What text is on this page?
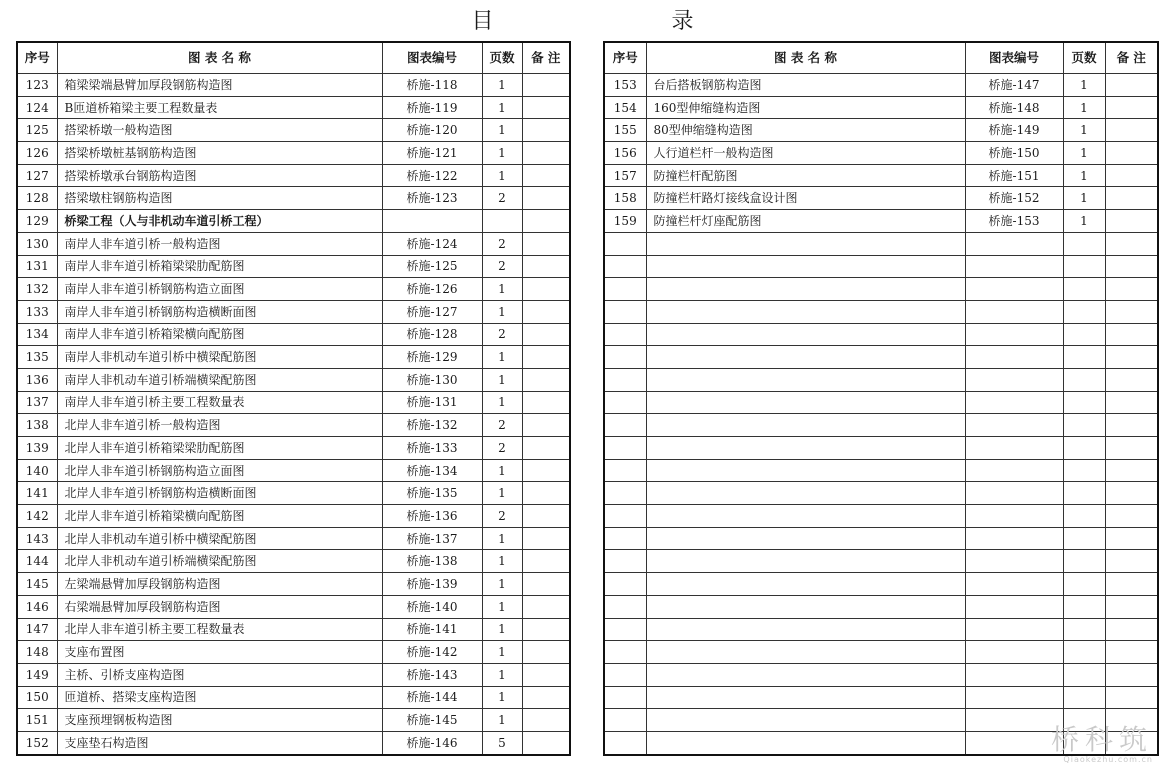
目　录
序号	图 表 名 称	图表编号	页数	备 注
123	箱梁梁端悬臂加厚段钢筋构造图	桥施-118	1	
124	B匝道桥箱梁主要工程数量表	桥施-119	1	
125	搭梁桥墩一般构造图	桥施-120	1	
126	搭梁桥墩桩基钢筋构造图	桥施-121	1	
127	搭梁桥墩承台钢筋构造图	桥施-122	1	
128	搭梁墩柱钢筋构造图	桥施-123	2	
129	桥梁工程（人与非机动车道引桥工程）			
130	南岸人非车道引桥一般构造图	桥施-124	2	
131	南岸人非车道引桥箱梁梁肋配筋图	桥施-125	2	
132	南岸人非车道引桥钢筋构造立面图	桥施-126	1	
133	南岸人非车道引桥钢筋构造横断面图	桥施-127	1	
134	南岸人非车道引桥箱梁横向配筋图	桥施-128	2	
135	南岸人非机动车道引桥中横梁配筋图	桥施-129	1	
136	南岸人非机动车道引桥端横梁配筋图	桥施-130	1	
137	南岸人非车道引桥主要工程数量表	桥施-131	1	
138	北岸人非车道引桥一般构造图	桥施-132	2	
139	北岸人非车道引桥箱梁梁肋配筋图	桥施-133	2	
140	北岸人非车道引桥钢筋构造立面图	桥施-134	1	
141	北岸人非车道引桥钢筋构造横断面图	桥施-135	1	
142	北岸人非车道引桥箱梁横向配筋图	桥施-136	2	
143	北岸人非机动车道引桥中横梁配筋图	桥施-137	1	
144	北岸人非机动车道引桥端横梁配筋图	桥施-138	1	
145	左梁端悬臂加厚段钢筋构造图	桥施-139	1	
146	右梁端悬臂加厚段钢筋构造图	桥施-140	1	
147	北岸人非车道引桥主要工程数量表	桥施-141	1	
148	支座布置图	桥施-142	1	
149	主桥、引桥支座构造图	桥施-143	1	
150	匝道桥、搭梁支座构造图	桥施-144	1	
151	支座预埋钢板构造图	桥施-145	1	
152	支座垫石构造图	桥施-146	5	
序号	图 表 名 称	图表编号	页数	备 注
153	台后搭板钢筋构造图	桥施-147	1	
154	160型伸缩缝构造图	桥施-148	1	
155	80型伸缩缝构造图	桥施-149	1	
156	人行道栏杆一般构造图	桥施-150	1	
157	防撞栏杆配筋图	桥施-151	1	
158	防撞栏杆路灯接线盒设计图	桥施-152	1	
159	防撞栏杆灯座配筋图	桥施-153	1	

桥科筑
Qiaokezhu.com.cn
